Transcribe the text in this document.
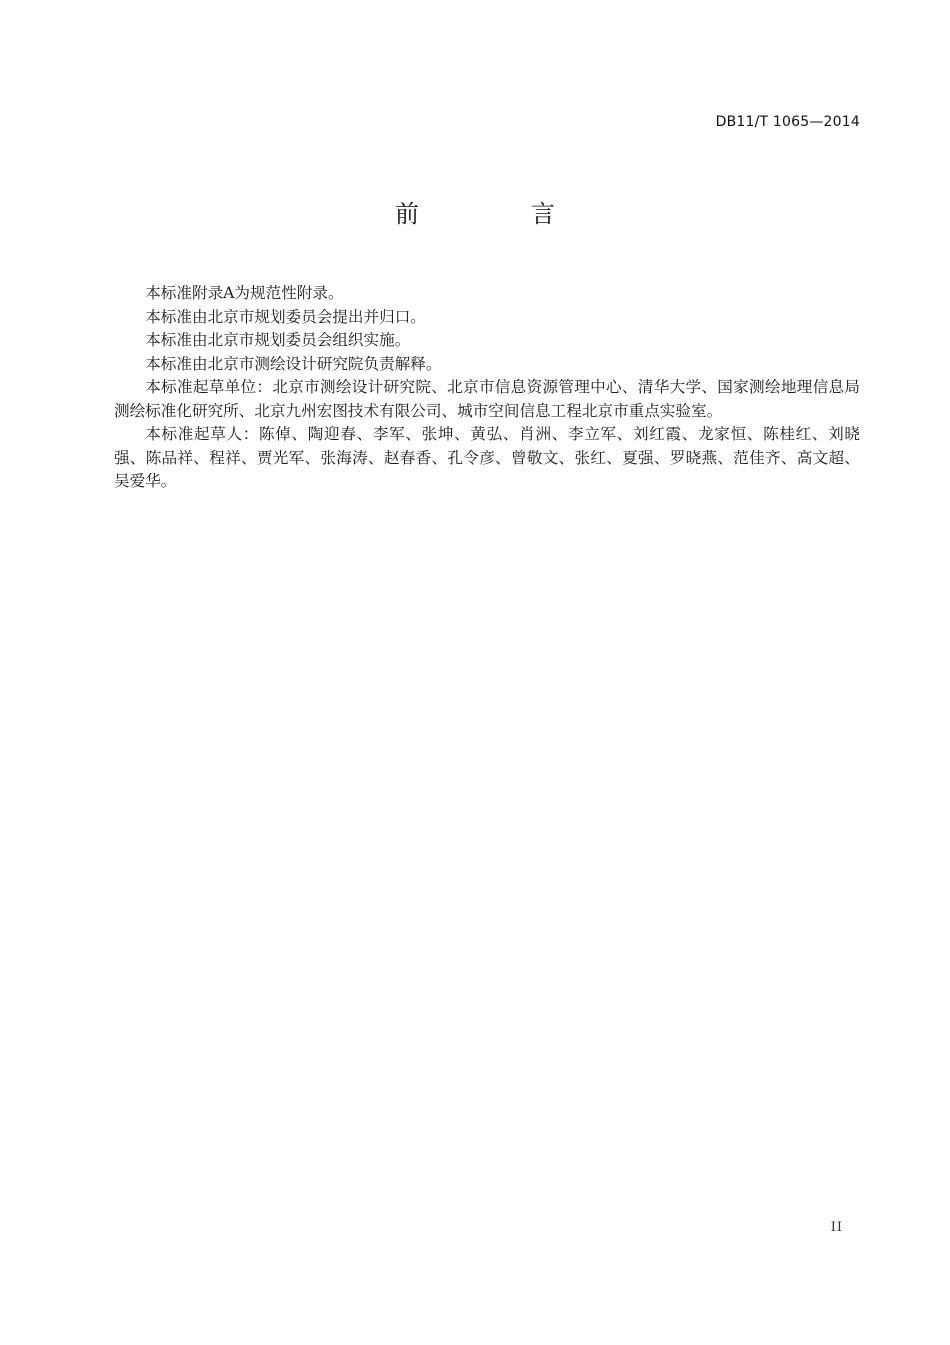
DB11/T 1065—2014
前　言

本标准附录A为规范性附录。

本标准由北京市规划委员会提出并归口。

本标准由北京市规划委员会组织实施。

本标准由北京市测绘设计研究院负责解释。

本标准起草单位：北京市测绘设计研究院、北京市信息资源管理中心、清华大学、国家测绘地理信息局测绘标准化研究所、北京九州宏图技术有限公司、城市空间信息工程北京市重点实验室。

本标准起草人：陈倬、陶迎春、李军、张坤、黄弘、肖洲、李立军、刘红霞、龙家恒、陈桂红、刘晓强、陈品祥、程祥、贾光军、张海涛、赵春香、孔令彦、曾敬文、张红、夏强、罗晓燕、范佳齐、高文超、吴爱华。

II
